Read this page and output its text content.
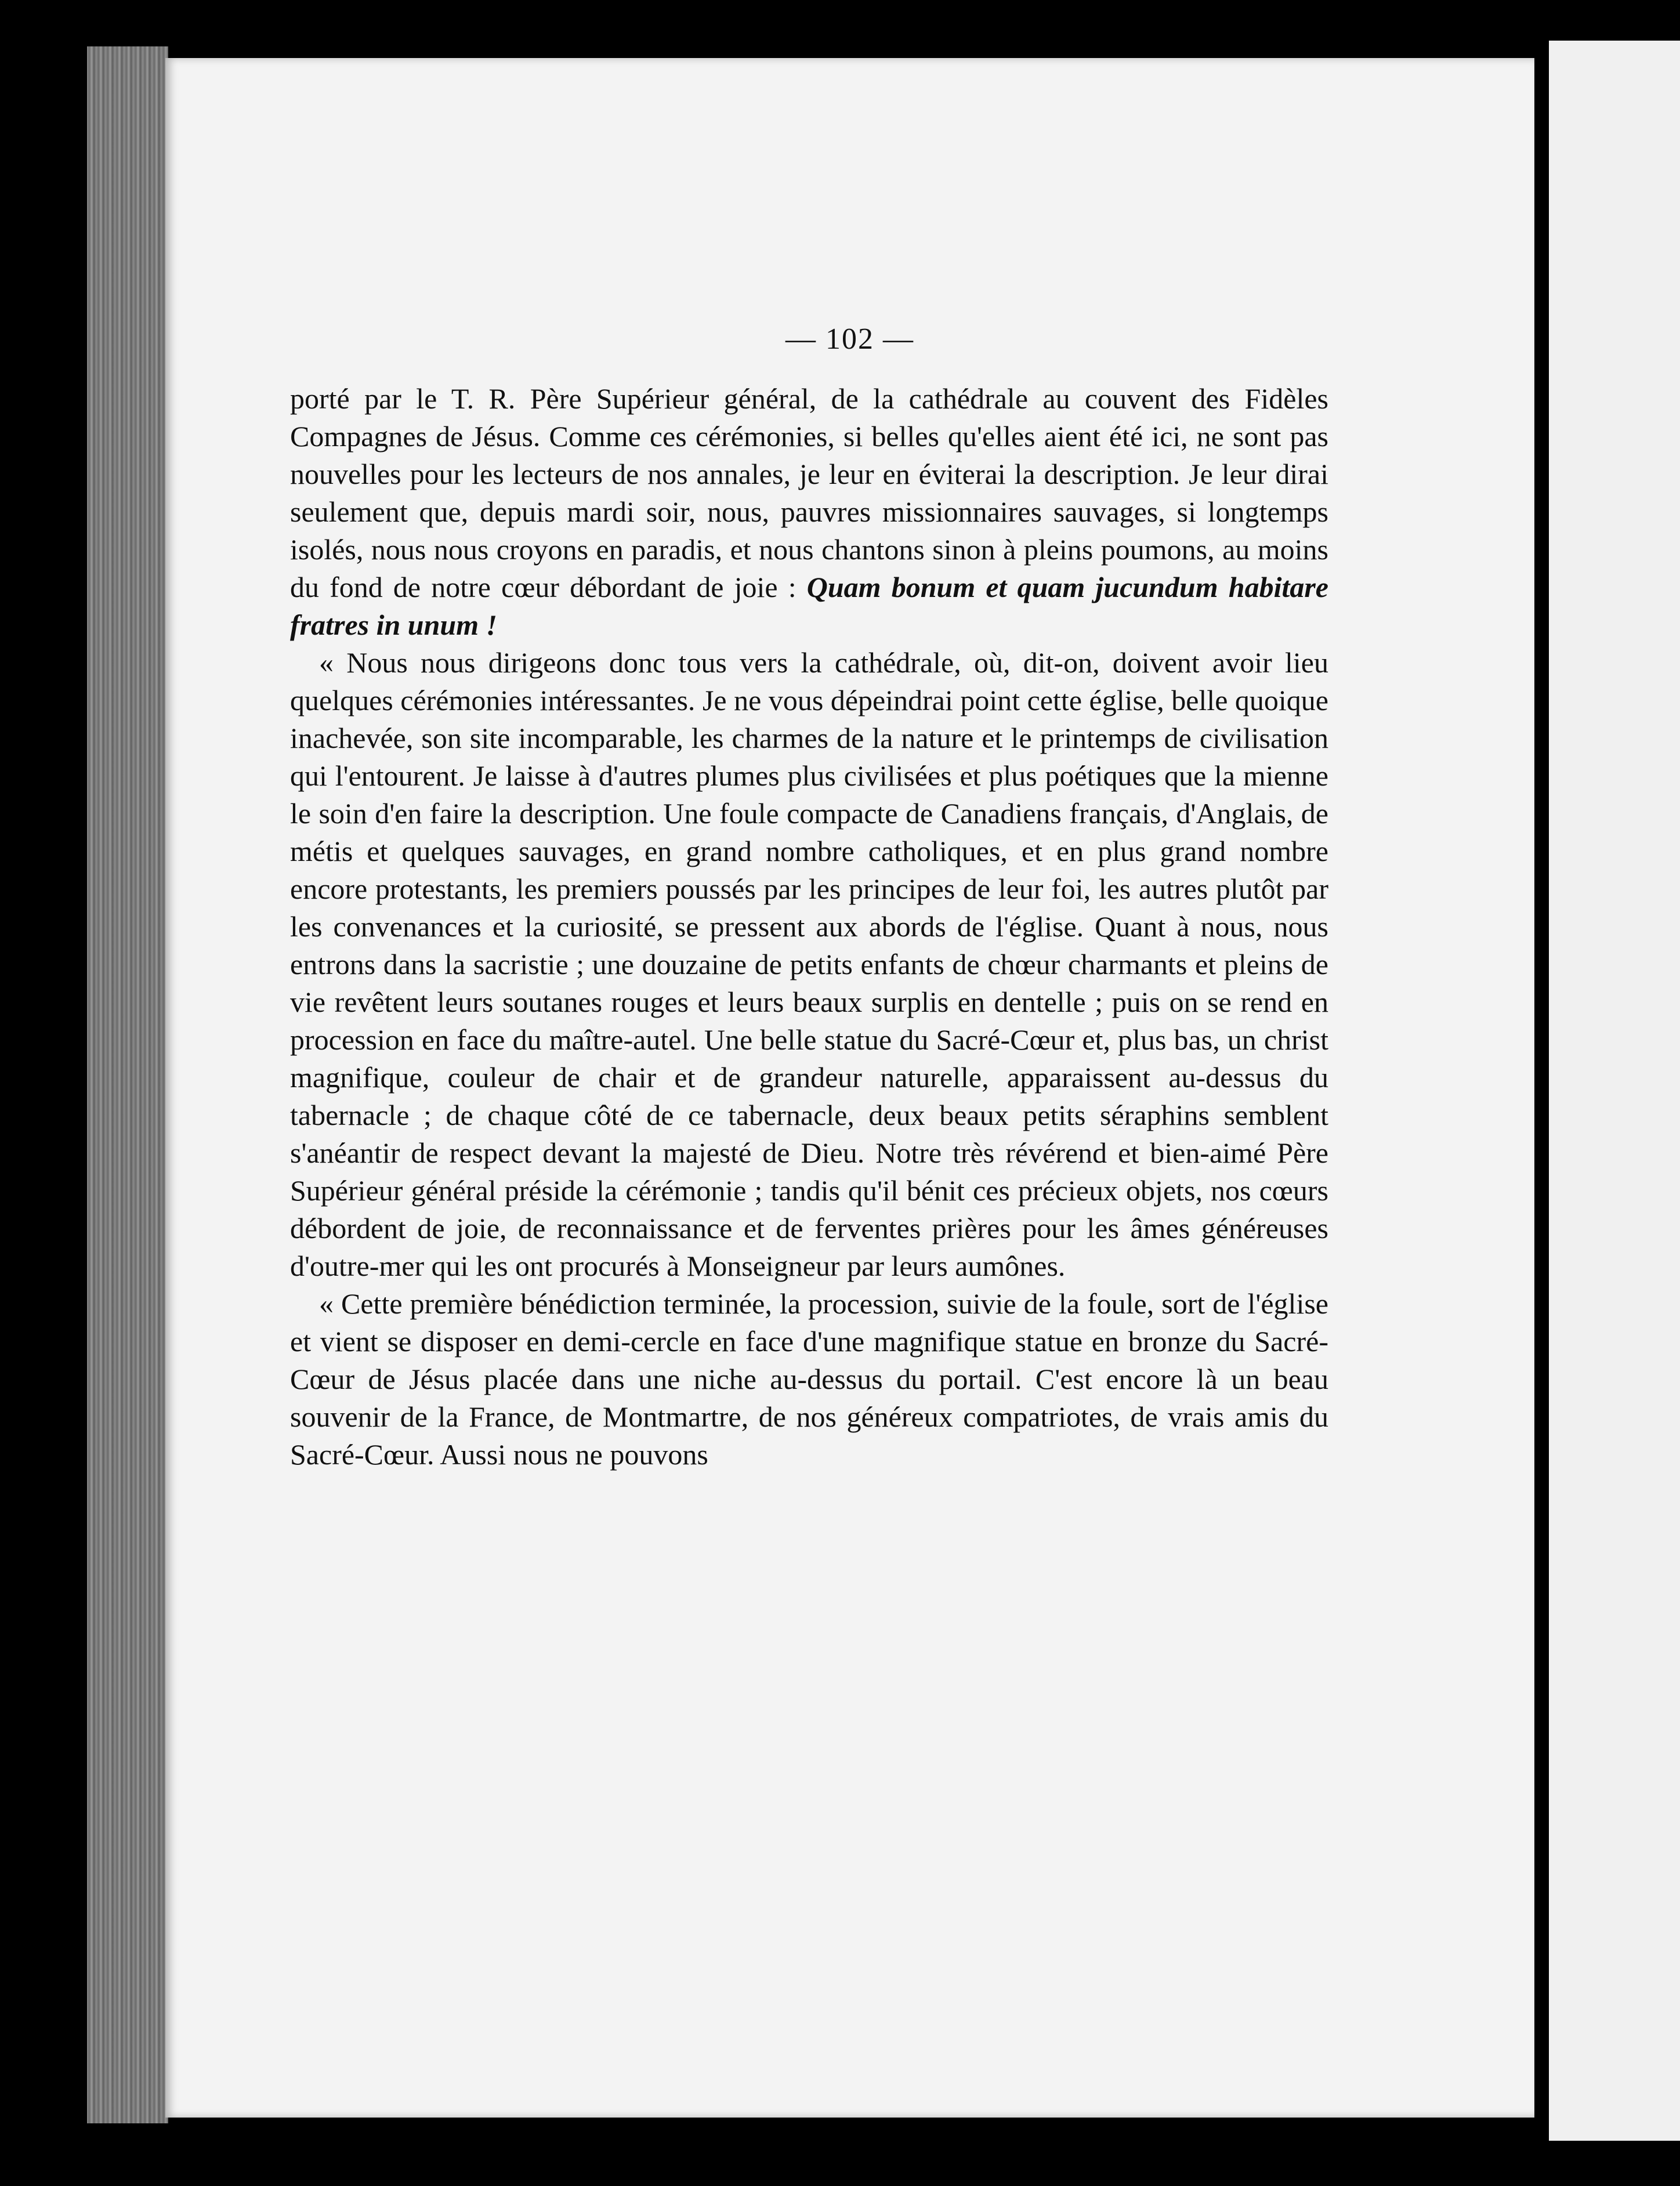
— 102 —

porté par le T. R. Père Supérieur général, de la cathédrale au couvent des Fidèles Compagnes de Jésus. Comme ces cérémonies, si belles qu'elles aient été ici, ne sont pas nouvelles pour les lecteurs de nos annales, je leur en éviterai la description. Je leur dirai seulement que, depuis mardi soir, nous, pauvres missionnaires sauvages, si longtemps isolés, nous nous croyons en paradis, et nous chantons sinon à pleins poumons, au moins du fond de notre cœur débordant de joie : Quam bonum et quam jucundum habitare fratres in unum !

« Nous nous dirigeons donc tous vers la cathédrale, où, dit-on, doivent avoir lieu quelques cérémonies intéressantes. Je ne vous dépeindrai point cette église, belle quoique inachevée, son site incomparable, les charmes de la nature et le printemps de civilisation qui l'entourent. Je laisse à d'autres plumes plus civilisées et plus poétiques que la mienne le soin d'en faire la description. Une foule compacte de Canadiens français, d'Anglais, de métis et quelques sauvages, en grand nombre catholiques, et en plus grand nombre encore protestants, les premiers poussés par les principes de leur foi, les autres plutôt par les convenances et la curiosité, se pressent aux abords de l'église. Quant à nous, nous entrons dans la sacristie ; une douzaine de petits enfants de chœur charmants et pleins de vie revêtent leurs soutanes rouges et leurs beaux surplis en dentelle ; puis on se rend en procession en face du maître-autel. Une belle statue du Sacré-Cœur et, plus bas, un christ magnifique, couleur de chair et de grandeur naturelle, apparaissent au-dessus du tabernacle ; de chaque côté de ce tabernacle, deux beaux petits séraphins semblent s'anéantir de respect devant la majesté de Dieu. Notre très révérend et bien-aimé Père Supérieur général préside la cérémonie ; tandis qu'il bénit ces précieux objets, nos cœurs débordent de joie, de reconnaissance et de ferventes prières pour les âmes généreuses d'outre-mer qui les ont procurés à Monseigneur par leurs aumônes.

« Cette première bénédiction terminée, la procession, suivie de la foule, sort de l'église et vient se disposer en demi-cercle en face d'une magnifique statue en bronze du Sacré-Cœur de Jésus placée dans une niche au-dessus du portail. C'est encore là un beau souvenir de la France, de Montmartre, de nos généreux compatriotes, de vrais amis du Sacré-Cœur. Aussi nous ne pouvons
